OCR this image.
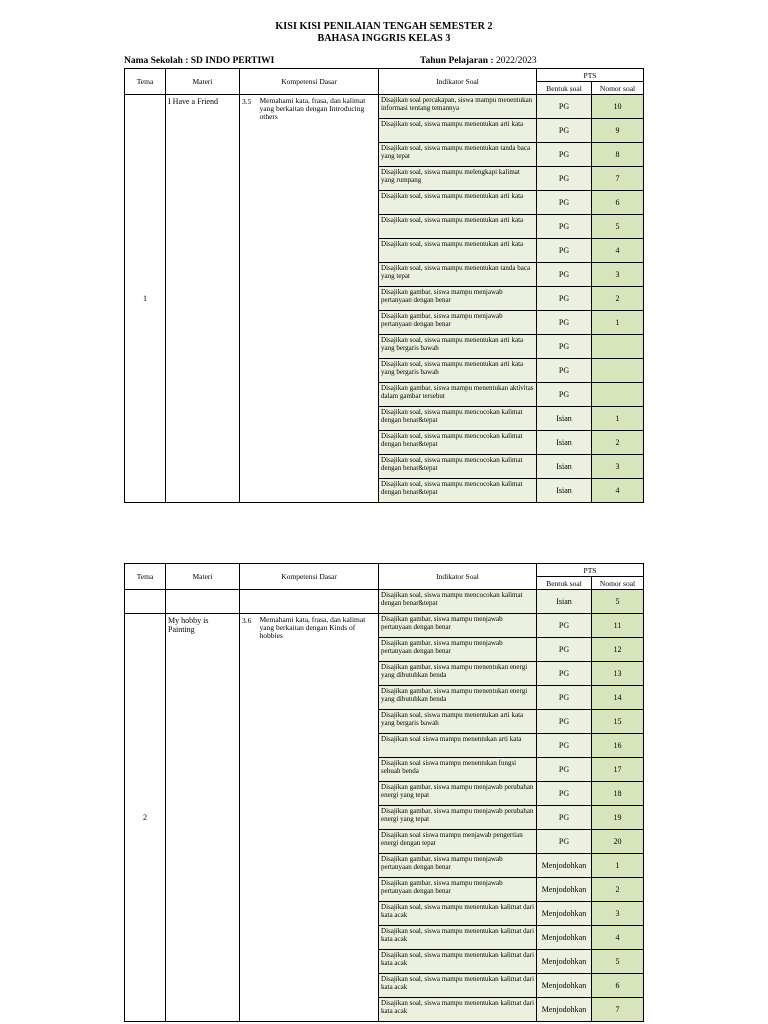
KISI KISI PENILAIAN TENGAH SEMESTER 2
BAHASA INGGRIS KELAS 3
Nama Sekolah : SD INDO PERTIWI	Tahun Pelajaran : 2022/2023
Tema	Materi	Kompetensi Dasar		Indikator Soal	PTS	
					Bentuk soal	Nomor soal
1	I Have a Friend	3.5	Memahami kata, frasa, dan kalimat yang berkaitan dengan Introducing others	Disajikan soal percakapan, siswa mampu menentukan informasi tentang temannya	PG	10
				Disajikan soal, siswa mampu menentukan arti kata	PG	9
				Disajikan soal, siswa mampu menentukan tanda baca yang tepat	PG	8
				Disajikan soal, siswa mampu melengkapi kalimat yang rumpang	PG	7
				Disajikan soal, siswa mampu menentukan arti kata	PG	6
				Disajikan soal, siswa mampu menentukan arti kata	PG	5
				Disajikan soal, siswa mampu menentukan arti kata	PG	4
				Disajikan soal, siswa mampu menentukan tanda baca yang tepat	PG	3
				Disajikan gambar, siswa mampu menjawab pertanyaan dengan benar	PG	2
				Disajikan gambar, siswa mampu menjawab pertanyaan dengan benar	PG	1
				Disajikan soal, siswa mampu menentukan arti kata yang bergaris bawah	PG	
				Disajikan soal, siswa mampu menentukan arti kata yang bergaris bawah	PG	
				Disajikan gambar, siswa mampu menentukan aktivitas dalam gambar tersebut	PG	
				Disajikan soal, siswa mampu mencocokan kalimat dengan benar&tepat	Isian	1
				Disajikan soal, siswa mampu mencocokan kalimat dengan benar&tepat	Isian	2
				Disajikan soal, siswa mampu mencocokan kalimat dengan benar&tepat	Isian	3
				Disajikan soal, siswa mampu mencocokan kalimat dengan benar&tepat	Isian	4
Tema	Materi	Kompetensi Dasar		Indikator Soal	PTS	
					Bentuk soal	Nomor soal
				Disajikan soal, siswa mampu mencocokan kalimat dengan benar&tepat	Isian	5
2	My hobby is Painting	3.6	Memahami kata, frasa, dan kalimat yang berkaitan dengan Kinds of hobbies	Disajikan gambar, siswa mampu menjawab pertanyaan dengan benar	PG	11
				Disajikan gambar, siswa mampu menjawab pertanyaan dengan benar	PG	12
				Disajikan gambar, siswa mampu menentukan energi yang dibutuhkan benda	PG	13
				Disajikan gambar, siswa mampu menentukan energi yang dibutuhkan benda	PG	14
				Disajikan soal, siswa mampu menentukan arti kata yang bergaris bawah	PG	15
				Disajikan soal siswa mampu menentukan arti kata	PG	16
				Disajikan soal siswa mampu menentukan fungsi sebuah benda	PG	17
				Disajikan gambar, siswa mampu menjawab perubahan energi yang tepat	PG	18
				Disajikan gambar, siswa mampu menjawab perubahan energi yang tepat	PG	19
				Disajikan soal siswa mampu menjawab pengertian energi dengan tepat	PG	20
				Disajikan gambar, siswa mampu menjawab pertanyaan dengan benar	Menjodohkan	1
				Disajikan gambar, siswa mampu menjawab pertanyaan dengan benar	Menjodohkan	2
				Disajikan soal, siswa mampu menentukan kalimat dari kata acak	Menjodohkan	3
				Disajikan soal, siswa mampu menentukan kalimat dari kata acak	Menjodohkan	4
				Disajikan soal, siswa mampu menentukan kalimat dari kata acak	Menjodohkan	5
				Disajikan soal, siswa mampu menentukan kalimat dari kata acak	Menjodohkan	6
				Disajikan soal, siswa mampu menentukan kalimat dari kata acak	Menjodohkan	7
